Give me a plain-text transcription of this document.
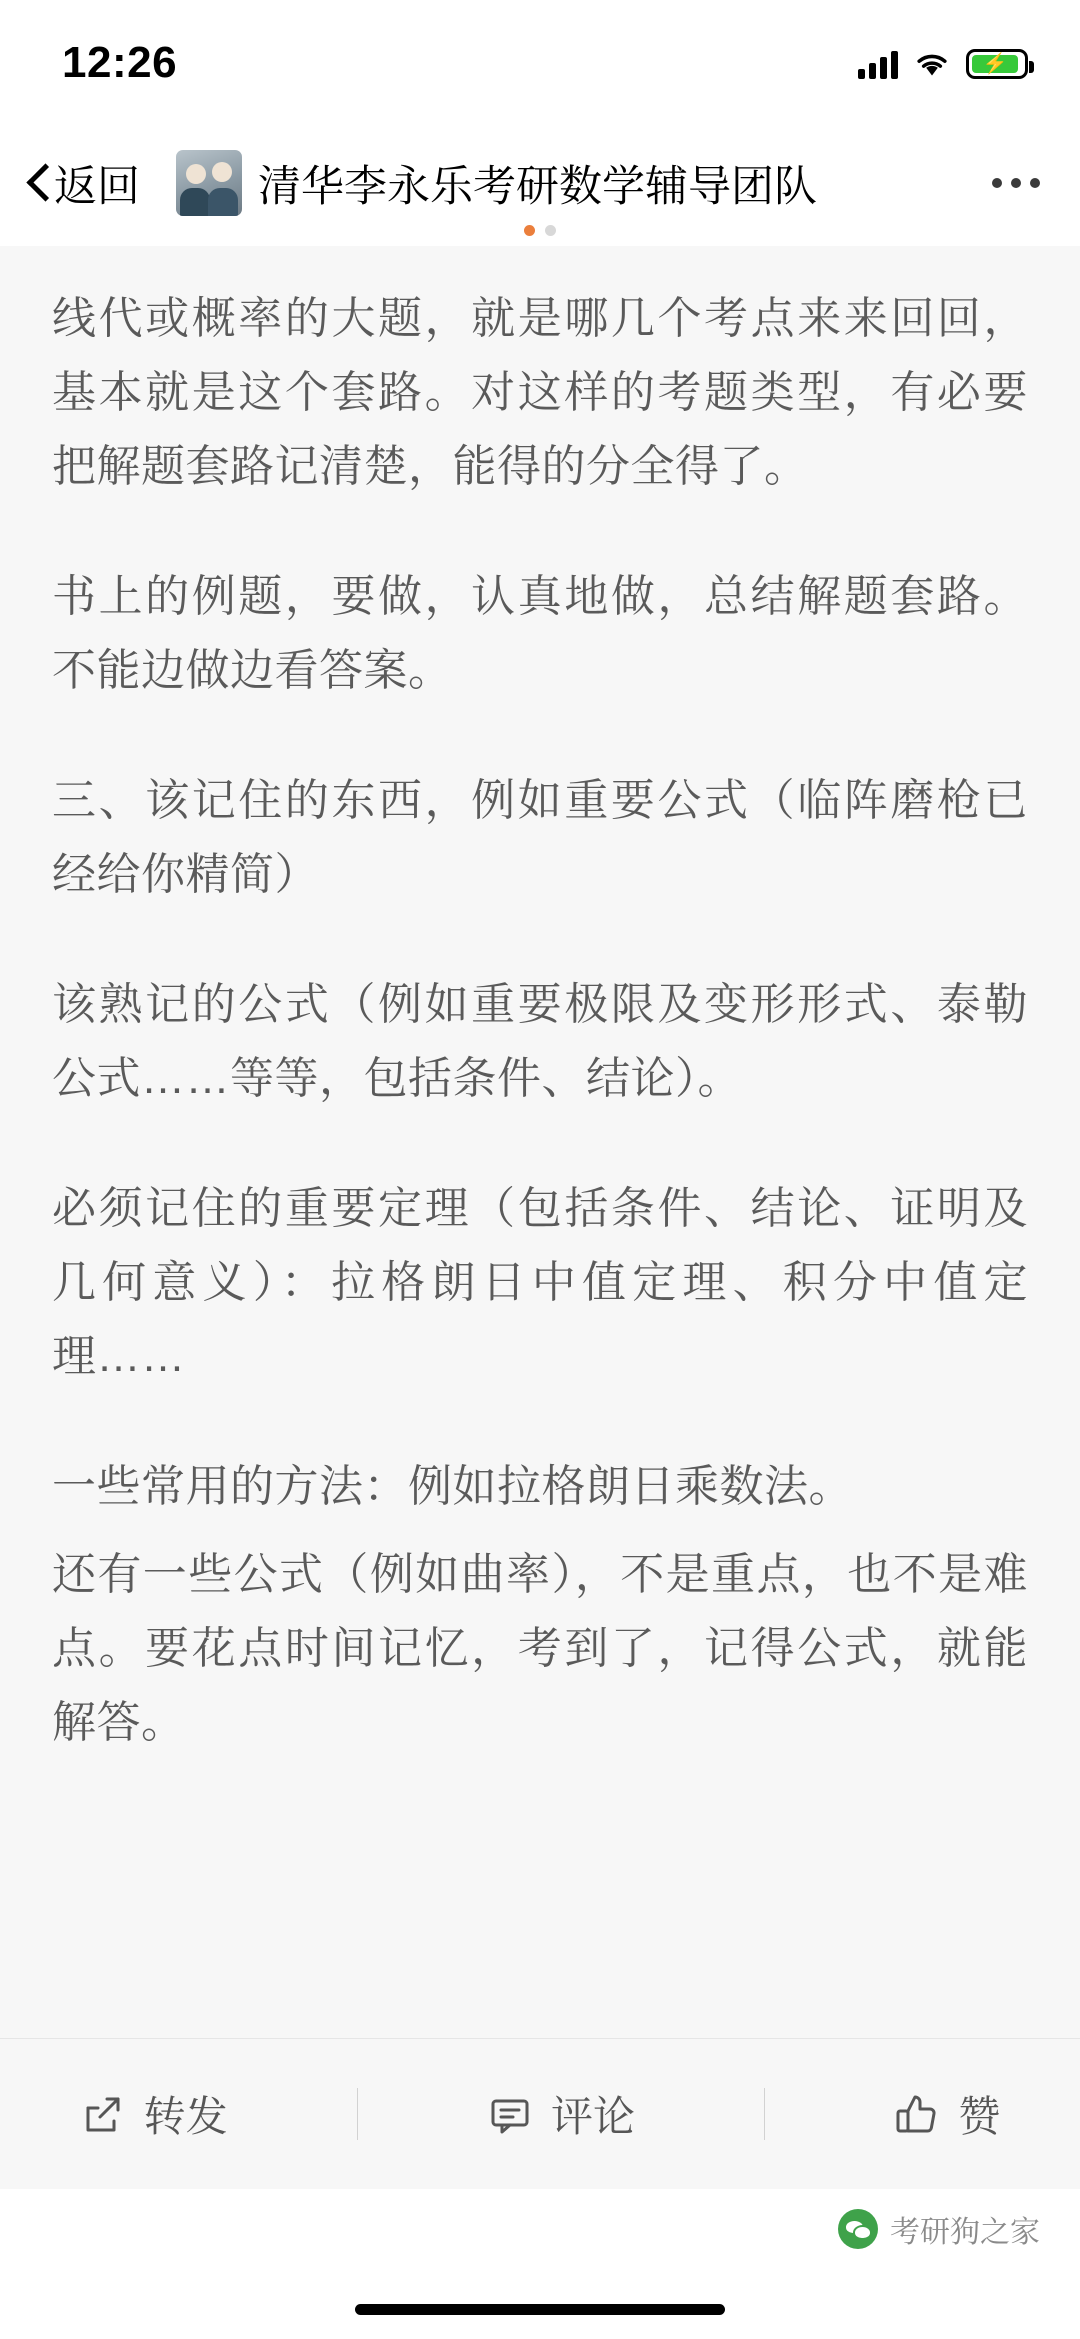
12:26	⚡
返回	清华李永乐考研数学辅导团队

线代或概率的大题，就是哪几个考点来来回回，基本就是这个套路。对这样的考题类型，有必要把解题套路记清楚，能得的分全得了。

书上的例题，要做，认真地做，总结解题套路。不能边做边看答案。

三、该记住的东西，例如重要公式（临阵磨枪已经给你精简）

该熟记的公式（例如重要极限及变形形式、泰勒公式……等等，包括条件、结论）。

必须记住的重要定理（包括条件、结论、证明及几何意义）：拉格朗日中值定理、积分中值定理……

一些常用的方法：例如拉格朗日乘数法。

还有一些公式（例如曲率），不是重点，也不是难点。要花点时间记忆，考到了，记得公式，就能解答。

转发	评论	赞
考研狗之家
